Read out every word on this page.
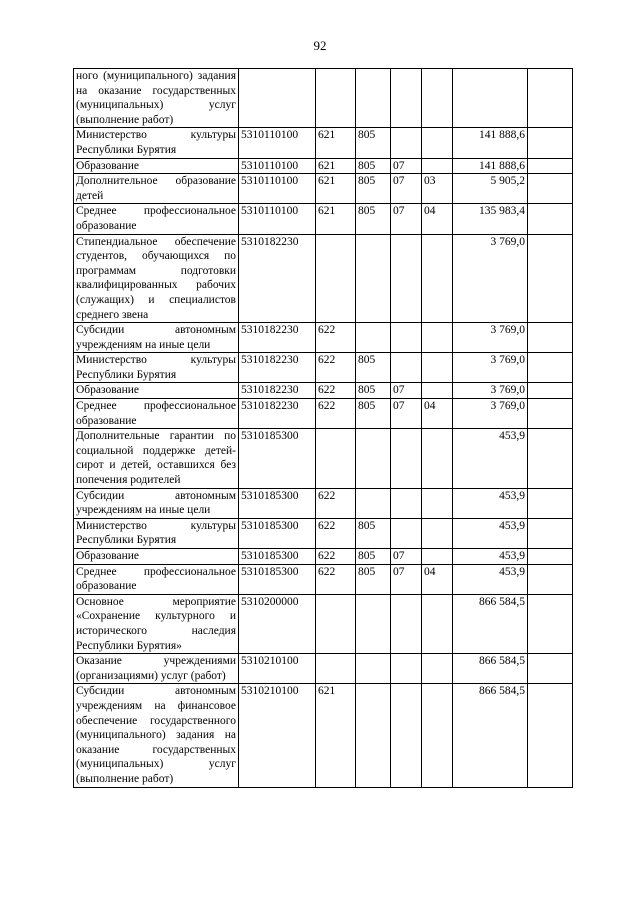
92
ного (муниципального) задания на оказание государственных (муниципальных) услуг (выполнение работ)							
Министерство культуры Республики Бурятия	5310110100	621	805			141 888,6	
Образование	5310110100	621	805	07		141 888,6	
Дополнительное образование детей	5310110100	621	805	07	03	5 905,2	
Среднее профессиональное образование	5310110100	621	805	07	04	135 983,4	
Стипендиальное обеспечение студентов, обучающихся по программам подготовки квалифицированных рабочих (служащих) и специалистов среднего звена	5310182230					3 769,0	
Субсидии автономным учреждениям на иные цели	5310182230	622				3 769,0	
Министерство культуры Республики Бурятия	5310182230	622	805			3 769,0	
Образование	5310182230	622	805	07		3 769,0	
Среднее профессиональное образование	5310182230	622	805	07	04	3 769,0	
Дополнительные гарантии по социальной поддержке детей-сирот и детей, оставшихся без попечения родителей	5310185300					453,9	
Субсидии автономным учреждениям на иные цели	5310185300	622				453,9	
Министерство культуры Республики Бурятия	5310185300	622	805			453,9	
Образование	5310185300	622	805	07		453,9	
Среднее профессиональное образование	5310185300	622	805	07	04	453,9	
Основное мероприятие «Сохранение культурного и исторического наследия Республики Бурятия»	5310200000					866 584,5	
Оказание учреждениями (организациями) услуг (работ)	5310210100					866 584,5	
Субсидии автономным учреждениям на финансовое обеспечение государственного (муниципального) задания на оказание государственных (муниципальных) услуг (выполнение работ)	5310210100	621				866 584,5	
